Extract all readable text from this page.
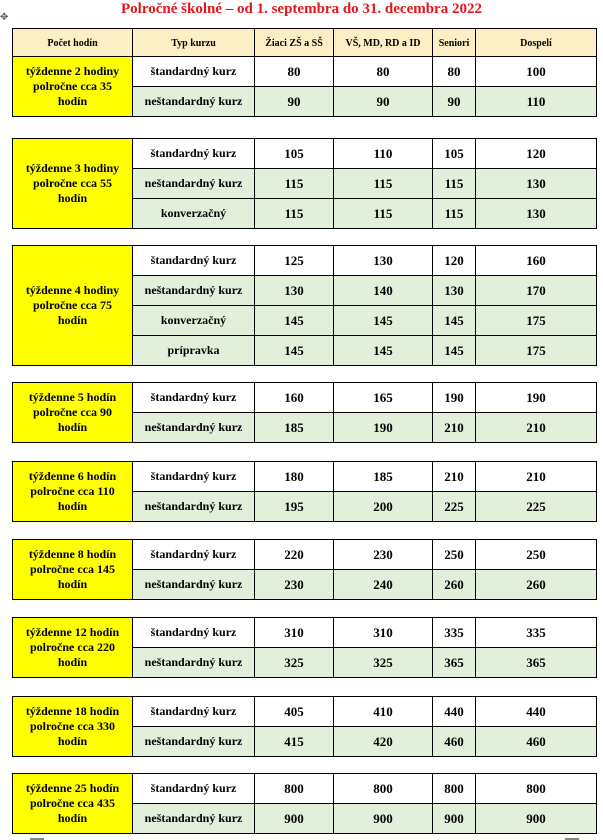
Polročné školné – od 1. septembra do 31. decembra 2022
✥
Počet hodín	Typ kurzu	Žiaci ZŠ a SŠ	VŠ, MD, RD a ID	Seniori	Dospelí
týždenne 2 hodiny
polročne cca 35
hodín	štandardný kurz	80	80	80	100
	neštandardný kurz	90	90	90	110
týždenne 3 hodiny
polročne cca 55
hodín	štandardný kurz	105	110	105	120
	neštandardný kurz	115	115	115	130
	konverzačný	115	115	115	130
týždenne 4 hodiny
polročne cca 75
hodín	štandardný kurz	125	130	120	160
	neštandardný kurz	130	140	130	170
	konverzačný	145	145	145	175
	prípravka	145	145	145	175
týždenne 5 hodín
polročne cca 90
hodín	štandardný kurz	160	165	190	190
	neštandardný kurz	185	190	210	210
týždenne 6 hodín
polročne cca 110
hodín	štandardný kurz	180	185	210	210
	neštandardný kurz	195	200	225	225
týždenne 8 hodín
polročne cca 145
hodín	štandardný kurz	220	230	250	250
	neštandardný kurz	230	240	260	260
týždenne 12 hodín
polročne cca 220
hodín	štandardný kurz	310	310	335	335
	neštandardný kurz	325	325	365	365
týždenne 18 hodín
polročne cca 330
hodín	štandardný kurz	405	410	440	440
	neštandardný kurz	415	420	460	460
týždenne 25 hodín
polročne cca 435
hodín	štandardný kurz	800	800	800	800
	neštandardný kurz	900	900	900	900
